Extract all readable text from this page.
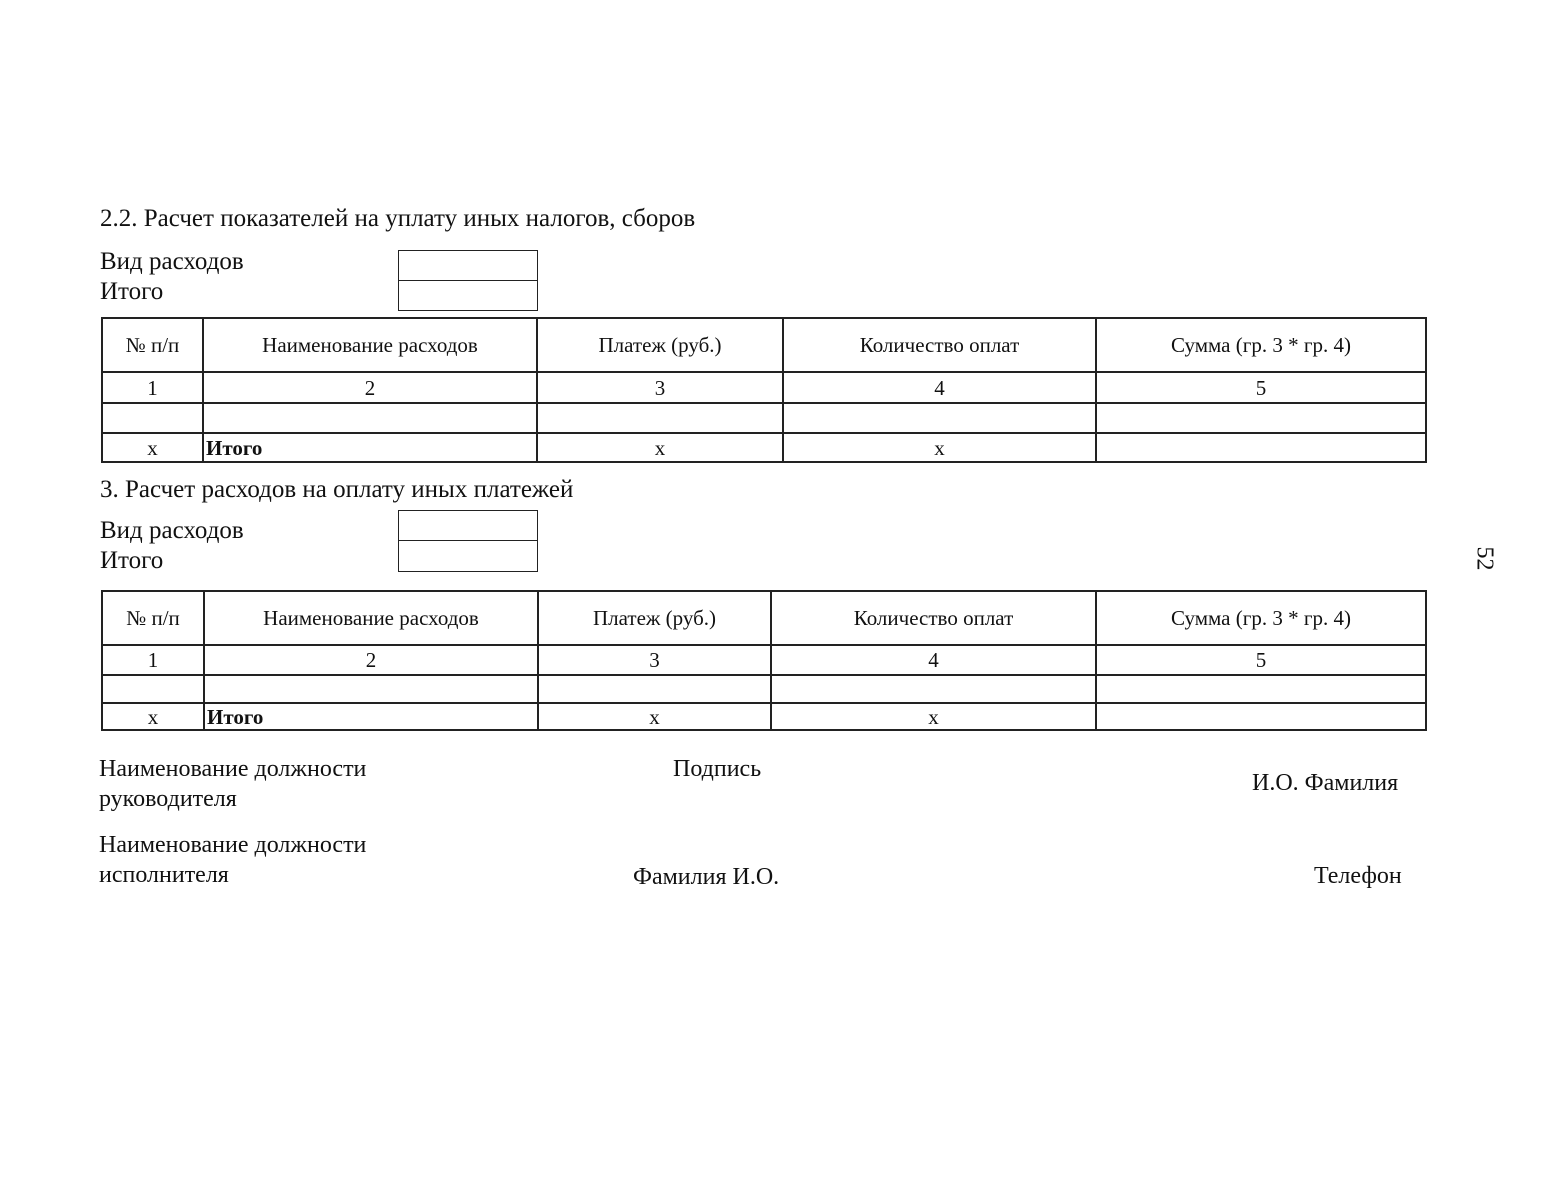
2.2. Расчет показателей на уплату иных налогов, сборов
Вид расходов
Итого
№ п/п	Наименование расходов	Платеж (руб.)	Количество оплат	Сумма (гр. 3 * гр. 4)
1	2	3	4	5

x	Итого	x	x	
3. Расчет расходов на оплату иных платежей
Вид расходов
Итого
№ п/п	Наименование расходов	Платеж (руб.)	Количество оплат	Сумма (гр. 3 * гр. 4)
1	2	3	4	5

x	Итого	x	x	
Наименование должности
руководителя
Подпись
И.О. Фамилия
Наименование должности
исполнителя	Фамилия И.О.	Телефон
52
